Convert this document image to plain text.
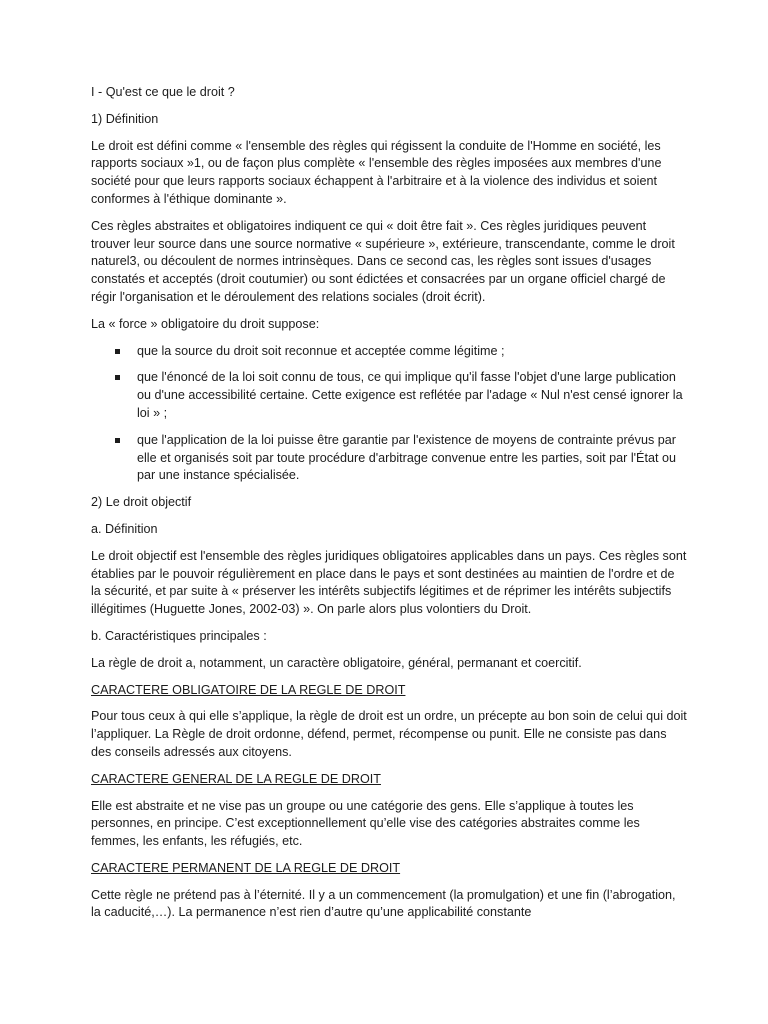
I - Qu'est ce que le droit ?

1) Définition

Le droit est défini comme « l'ensemble des règles qui régissent la conduite de l'Homme en société, les rapports sociaux »1, ou de façon plus complète « l'ensemble des règles imposées aux membres d'une société pour que leurs rapports sociaux échappent à l'arbitraire et à la violence des individus et soient conformes à l'éthique dominante ».

Ces règles abstraites et obligatoires indiquent ce qui « doit être fait ». Ces règles juridiques peuvent trouver leur source dans une source normative « supérieure », extérieure, transcendante, comme le droit naturel3, ou découlent de normes intrinsèques. Dans ce second cas, les règles sont issues d'usages constatés et acceptés (droit coutumier) ou sont édictées et consacrées par un organe officiel chargé de régir l'organisation et le déroulement des relations sociales (droit écrit).

La « force » obligatoire du droit suppose:

que la source du droit soit reconnue et acceptée comme légitime ;
que l'énoncé de la loi soit connu de tous, ce qui implique qu'il fasse l'objet d'une large publication ou d'une accessibilité certaine. Cette exigence est reflétée par l'adage « Nul n'est censé ignorer la loi » ;
que l'application de la loi puisse être garantie par l'existence de moyens de contrainte prévus par elle et organisés soit par toute procédure d'arbitrage convenue entre les parties, soit par l'État ou par une instance spécialisée.

2) Le droit objectif

a. Définition

Le droit objectif est l'ensemble des règles juridiques obligatoires applicables dans un pays. Ces règles sont établies par le pouvoir régulièrement en place dans le pays et sont destinées au maintien de l'ordre et de la sécurité, et par suite à « préserver les intérêts subjectifs légitimes et de réprimer les intérêts subjectifs illégitimes (Huguette Jones, 2002-03) ». On parle alors plus volontiers du Droit.

b. Caractéristiques principales :

La règle de droit a, notamment, un caractère obligatoire, général, permanant et coercitif.

CARACTERE OBLIGATOIRE DE LA REGLE DE DROIT

Pour tous ceux à qui elle s’applique, la règle de droit est un ordre, un précepte au bon soin de celui qui doit l’appliquer. La Règle de droit ordonne, défend, permet, récompense ou punit. Elle ne consiste pas dans des conseils adressés aux citoyens.

CARACTERE GENERAL DE LA REGLE DE DROIT

Elle est abstraite et ne vise pas un groupe ou une catégorie des gens. Elle s’applique à toutes les personnes, en principe. C’est exceptionnellement qu’elle vise des catégories abstraites comme les femmes, les enfants, les réfugiés, etc.

CARACTERE PERMANENT DE LA REGLE DE DROIT

Cette règle ne prétend pas à l’éternité. Il y a un commencement (la promulgation) et une fin (l’abrogation, la caducité,…). La permanence n’est rien d’autre qu’une applicabilité constante
